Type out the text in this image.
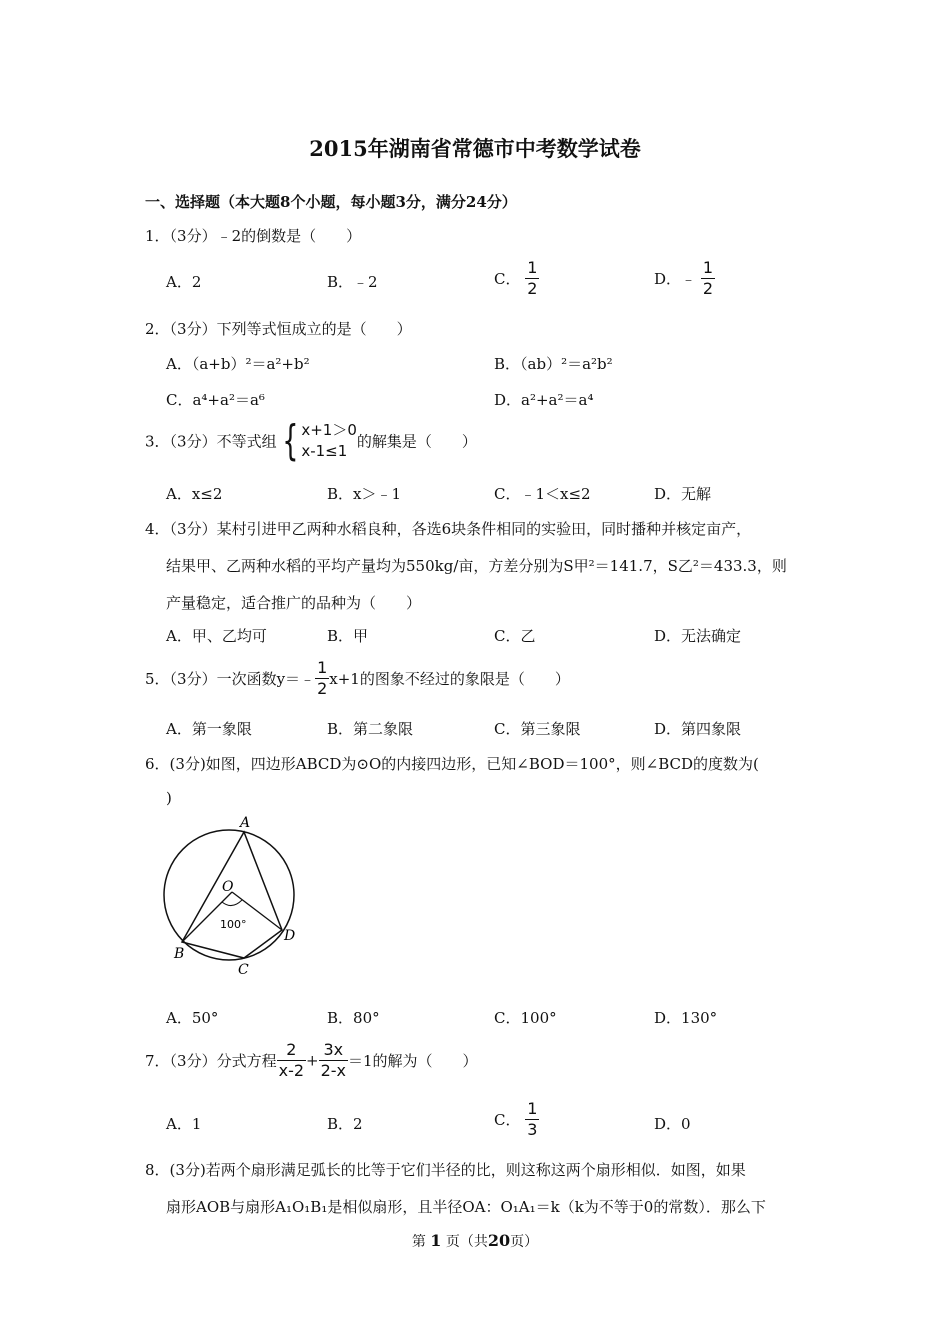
2015年湖南省常德市中考数学试卷
一、选择题（本大题8个小题，每小题3分，满分24分）
1．（3分）﹣2的倒数是（　　）
A．2	B．﹣2	C． $\frac{1}{2}$	D．﹣ $\frac{1}{2}$
2．（3分）下列等式恒成立的是（　　）
A．（a+b）²＝a²+b²	B．（ab）²＝a²b²
C．a⁴+a²＝a⁶	D．a²+a²＝a⁴
3．（3分）不等式组 { x+1＞0
x-1≤1
的解集是（　　）
A．x≤2	B．x＞﹣1	C．﹣1＜x≤2	D．无解
4．（3分）某村引进甲乙两种水稻良种，各选6块条件相同的实验田，同时播种并核定亩产，
结果甲、乙两种水稻的平均产量均为550kg/亩，方差分别为S甲²＝141.7，S乙²＝433.3，则
产量稳定，适合推广的品种为（　　）
A．甲、乙均可	B．甲	C．乙	D．无法确定
5．（3分）一次函数y＝﹣ $\frac{1}{2} x+1$的图象不经过的象限是（　　）
A．第一象限	B．第二象限	C．第三象限	D．第四象限
6．(3分)如图，四边形ABCD为⊙O的内接四边形，已知∠BOD＝100°，则∠BCD的度数为(
)
A
O
B
C
D
100°
A．50°	B．80°	C．100°	D．130°
7．（3分）分式方程 $\frac{2}{x-2} + \frac{3x}{2-x} =1$的解为（　　）
A．1	B．2	C． $\frac{1}{3}$	D．0
8．(3分)若两个扇形满足弧长的比等于它们半径的比，则这称这两个扇形相似．如图，如果
扇形AOB与扇形A₁O₁B₁是相似扇形，且半径OA：O₁A₁＝k（k为不等于0的常数）．那么下
第 1 页（共20页）
